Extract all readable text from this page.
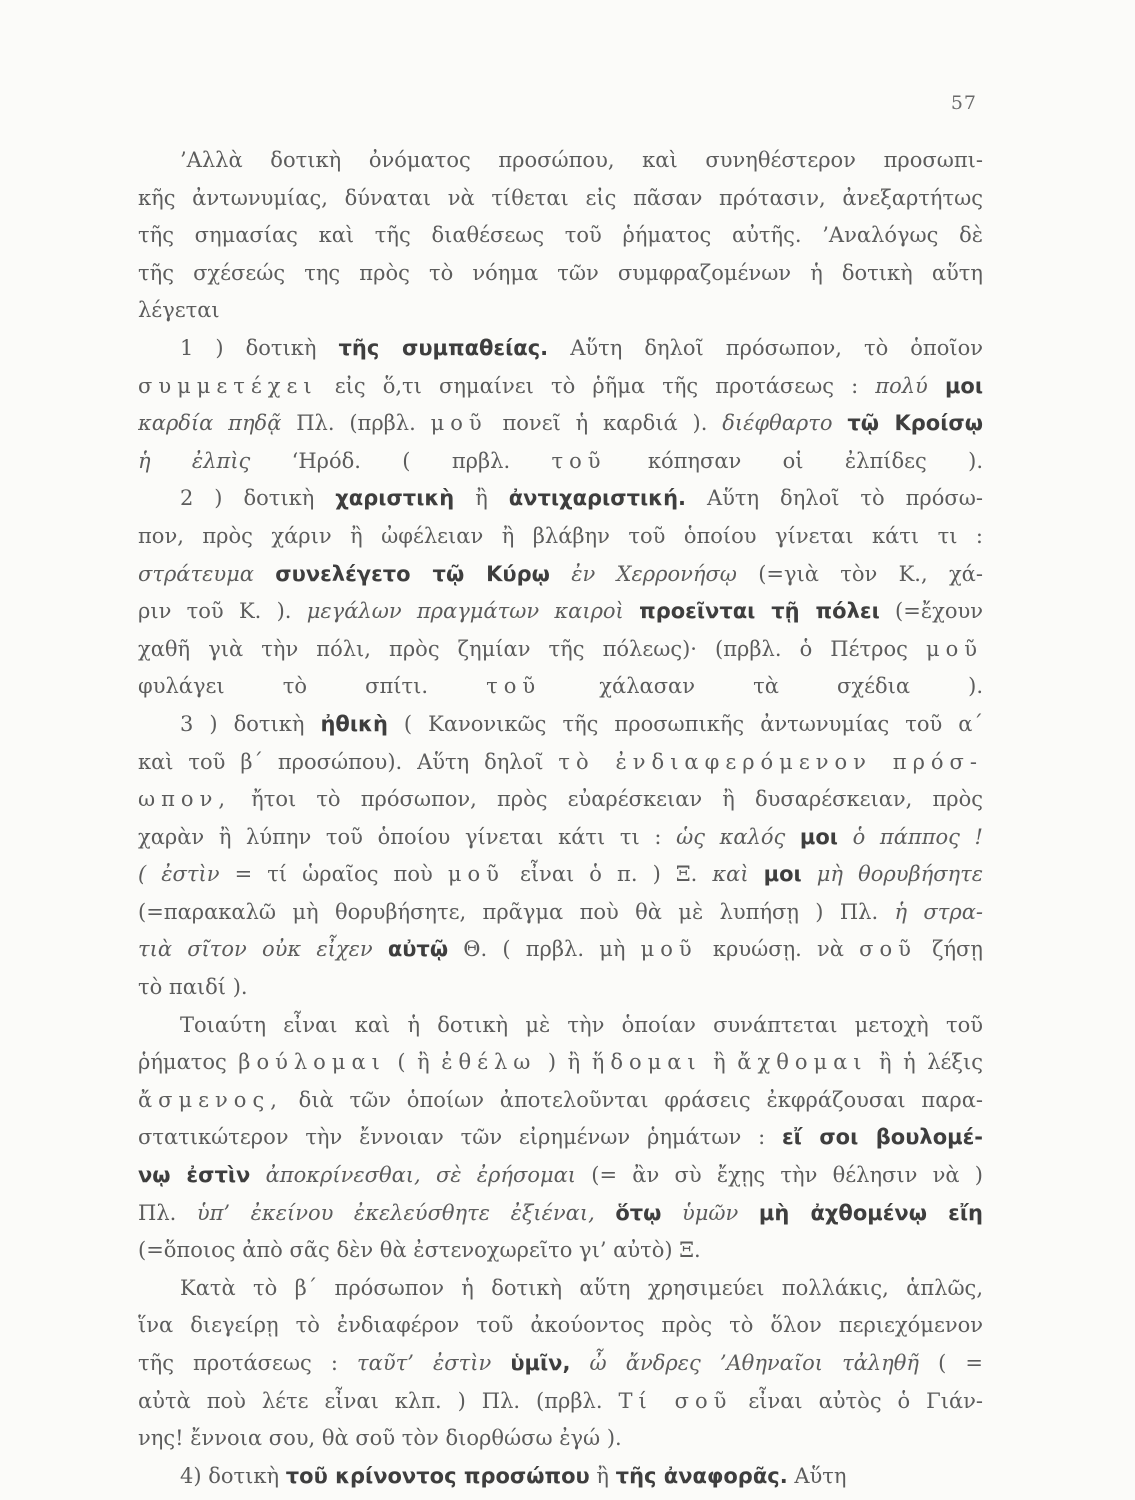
57
’Αλλὰ δοτικὴ ὀνόματος προσώπου, καὶ συνηθέστερον προσωπι-
κῆς ἀντωνυμίας, δύναται νὰ τίθεται εἰς πᾶσαν πρότασιν, ἀνεξαρτήτως
τῆς σημασίας καὶ τῆς διαθέσεως τοῦ ῥήματος αὐτῆς. ’Αναλόγως δὲ
τῆς σχέσεώς της πρὸς τὸ νόημα τῶν συμφραζομένων ἡ δοτικὴ αὕτη
λέγεται
1 ) δοτικὴ τῆς συμπαθείας. Αὕτη δηλοῖ πρόσωπον, τὸ ὁποῖον
συμμετέχει εἰς ὅ,τι σημαίνει τὸ ῥῆμα τῆς προτάσεως : πολύ μοι
καρδία πηδᾷ Πλ. (πρβλ. μοῦ πονεῖ ἡ καρδιά ). διέφθαρτο τῷ Κροίσῳ
ἡ ἐλπὶς ‘Ηρόδ. ( πρβλ. τοῦ κόπησαν οἱ ἐλπίδες ).
2 ) δοτικὴ χαριστικὴ ἢ ἀντιχαριστική. Αὕτη δηλοῖ τὸ πρόσω-
πον, πρὸς χάριν ἢ ὠφέλειαν ἢ βλάβην τοῦ ὁποίου γίνεται κάτι τι :
στράτευμα συνελέγετο τῷ Κύρῳ ἐν Χερρονήσῳ (=γιὰ τὸν Κ., χά-
ριν τοῦ Κ. ). μεγάλων πραγμάτων καιροὶ προεῖνται τῇ πόλει (=ἔχουν
χαθῆ γιὰ τὴν πόλι, πρὸς ζημίαν τῆς πόλεως)· (πρβλ. ὁ Πέτρος μοῦ
φυλάγει τὸ σπίτι. τοῦ χάλασαν τὰ σχέδια ).
3 ) δοτικὴ ἠθικὴ ( Κανονικῶς τῆς προσωπικῆς ἀντωνυμίας τοῦ α΄
καὶ τοῦ β΄ προσώπου). Αὕτη δηλοῖ τὸ ἐνδιαφερόμενον πρόσ-
ωπον, ἤτοι τὸ πρόσωπον, πρὸς εὐαρέσκειαν ἢ δυσαρέσκειαν, πρὸς
χαρὰν ἢ λύπην τοῦ ὁποίου γίνεται κάτι τι : ὡς καλός μοι ὁ πάππος !
( ἐστὶν = τί ὡραῖος ποὺ μοῦ εἶναι ὁ π. ) Ξ. καὶ μοι μὴ θορυβήσητε
(=παρακαλῶ μὴ θορυβήσητε, πρᾶγμα ποὺ θὰ μὲ λυπήσῃ ) Πλ. ἡ στρα-
τιὰ σῖτον οὐκ εἶχεν αὐτῷ Θ. ( πρβλ. μὴ μοῦ κρυώσῃ. νὰ σοῦ ζήσῃ
τὸ παιδί ).
Τοιαύτη εἶναι καὶ ἡ δοτικὴ μὲ τὴν ὁποίαν συνάπτεται μετοχὴ τοῦ
ῥήματος βούλομαι ( ἢ ἐθέλω ) ἢ ἥδομαι ἢ ἄχθομαι ἢ ἡ λέξις
ἄσμενος, διὰ τῶν ὁποίων ἀποτελοῦνται φράσεις ἐκφράζουσαι παρα-
στατικώτερον τὴν ἔννοιαν τῶν εἰρημένων ῥημάτων : εἴ σοι βουλομέ-
νῳ ἐστὶν ἀποκρίνεσθαι, σὲ ἐρήσομαι (= ἂν σὺ ἔχῃς τὴν θέλησιν νὰ )
Πλ. ὑπ’ ἐκείνου ἐκελεύσθητε ἐξιέναι, ὅτῳ ὑμῶν μὴ ἀχθομένῳ εἴη
(=ὅποιος ἀπὸ σᾶς δὲν θὰ ἐστενοχωρεῖτο γι’ αὐτὸ) Ξ.
Κατὰ τὸ β΄ πρόσωπον ἡ δοτικὴ αὕτη χρησιμεύει πολλάκις, ἁπλῶς,
ἵνα διεγείρῃ τὸ ἐνδιαφέρον τοῦ ἀκούοντος πρὸς τὸ ὅλον περιεχόμενον
τῆς προτάσεως : ταῦτ’ ἐστὶν ὑμῖν, ὦ ἄνδρες ’Αθηναῖοι τἀληθῆ ( =
αὐτὰ ποὺ λέτε εἶναι κλπ. ) Πλ. (πρβλ. Τί σοῦ εἶναι αὐτὸς ὁ Γιάν-
νης! ἔννοια σου, θὰ σοῦ τὸν διορθώσω ἐγώ ).
4) δοτικὴ τοῦ κρίνοντος προσώπου ἢ τῆς ἀναφορᾶς. Αὕτη
